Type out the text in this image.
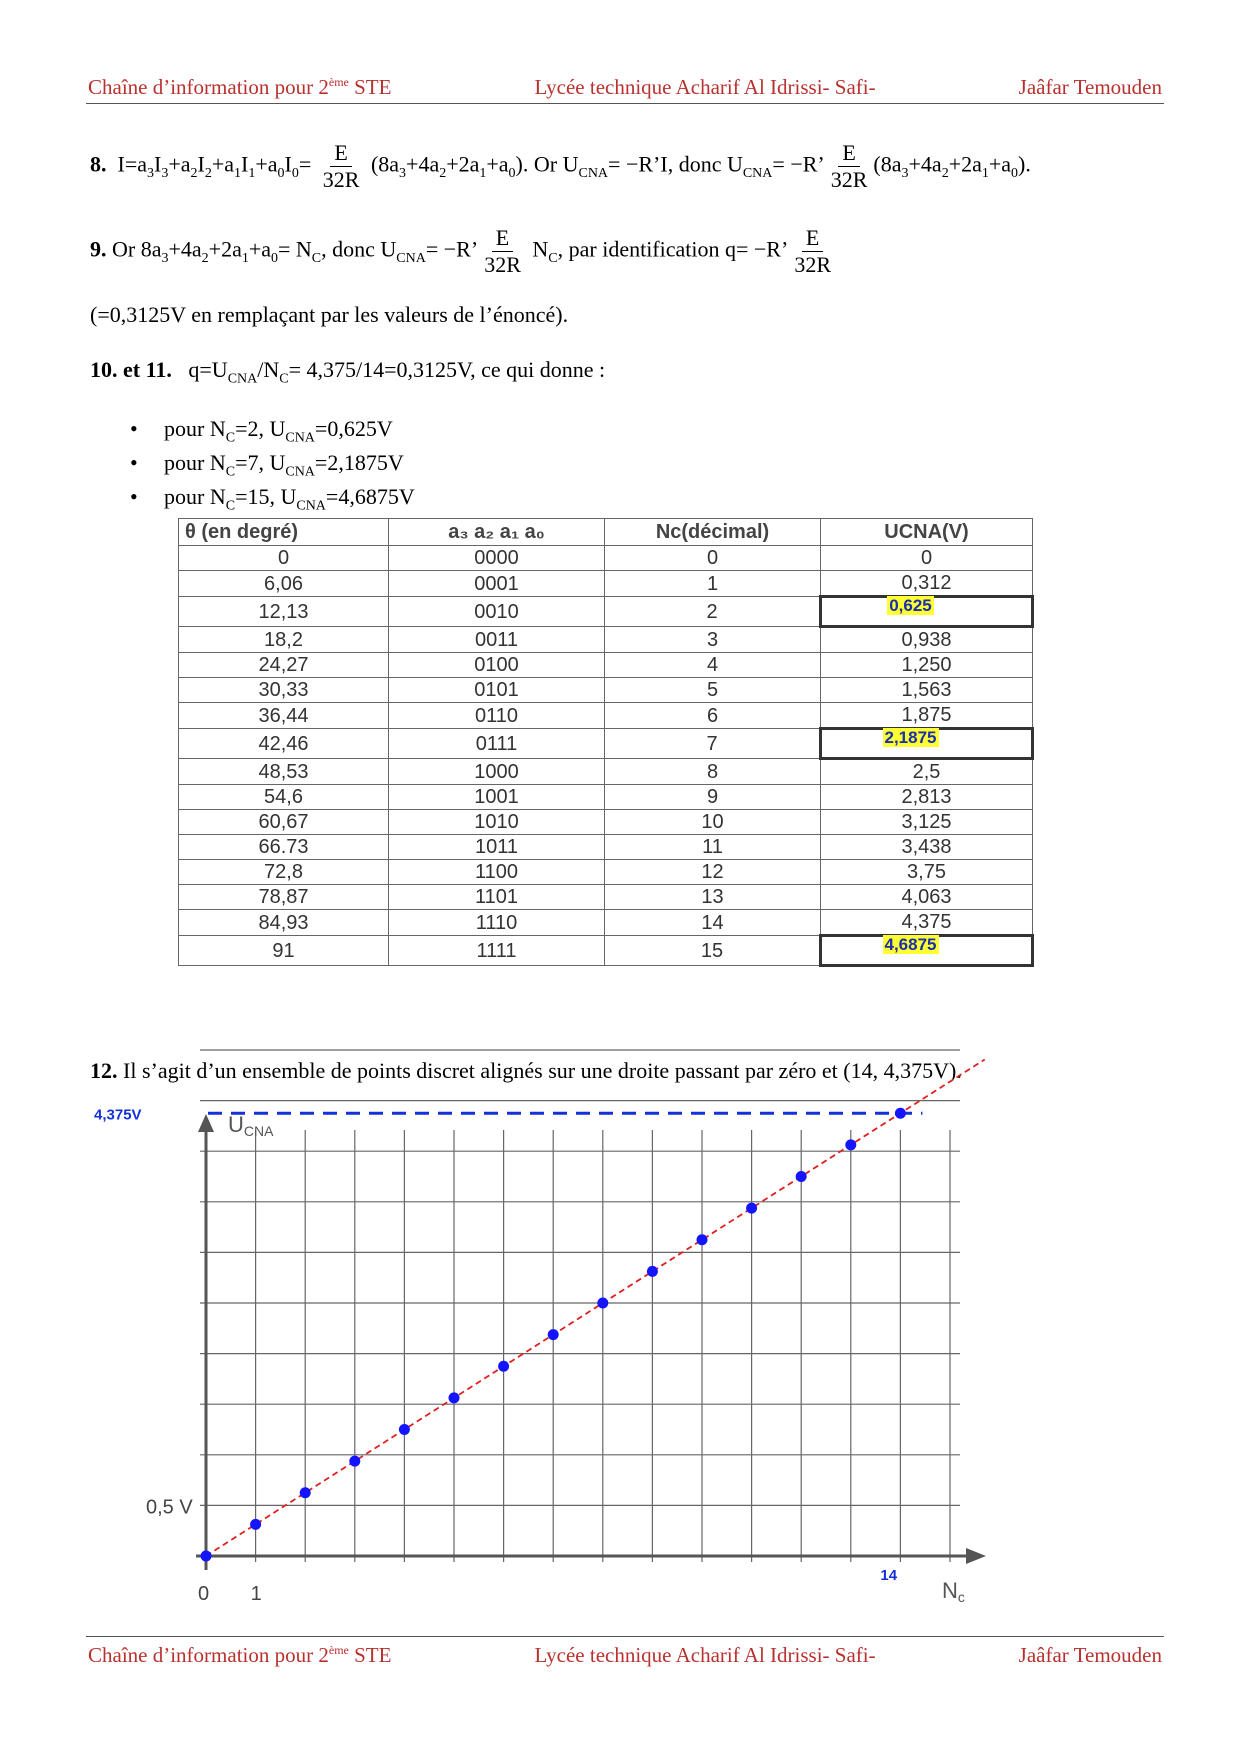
Chaîne d’information pour 2ème STE	Lycée technique Acharif Al Idrissi- Safi-	Jaâfar Temouden
8. $I=a_3I_3+a_2I_2+a_1I_1+a_0I_0= \frac{E}{32R} (8a_3+4a_2+2a_1+a_0)$. Or $U_{CNA}=$ −R’I, donc $U_{CNA}= -R$’ $\frac{E}{32R} (8a_3+4a_2+2a_1+a_0)$.
9. Or $8a_3+4a_2+2a_1+a_0= N_C$, donc $U_{CNA}= -R$’ $\frac{E}{32R} N_C$, par identification q= −R’ $\frac{E}{32R}$
(=0,3125V en remplaçant par les valeurs de l’énoncé).
10. et 11. $q=U_{CNA}/N_C= 4,375/14=0,3125V$, ce qui donne :
• pour $N_C=2$, $U_{CNA}=0,625V$
• pour $N_C=7$, $U_{CNA}=2,1875V$
• pour $N_C=15$, $U_{CNA}=4,6875V$
θ (en degré)	a₃ a₂ a₁ a₀	Nc(décimal)	UCNA(V)
0	0000	0	0
6,06	0001	1	0,312
12,13	0010	2	$^{0,625}$
18,2	0011	3	0,938
24,27	0100	4	1,250
30,33	0101	5	1,563
36,44	0110	6	1,875
42,46	0111	7	$^{2,1875}$
48,53	1000	8	2,5
54,6	1001	9	2,813
60,67	1010	10	3,125
66.73	1011	11	3,438
72,8	1100	12	3,75
78,87	1101	13	4,063
84,93	1110	14	4,375
91	1111	15	$^{4,6875}$
12. Il s’agit d’un ensemble de points discret alignés sur une droite passant par zéro et (14, 4,375V).
0 1
0,5 V
UCNA
Nc
4,375V
14
Chaîne d’information pour 2ème STE	Lycée technique Acharif Al Idrissi- Safi-	Jaâfar Temouden
